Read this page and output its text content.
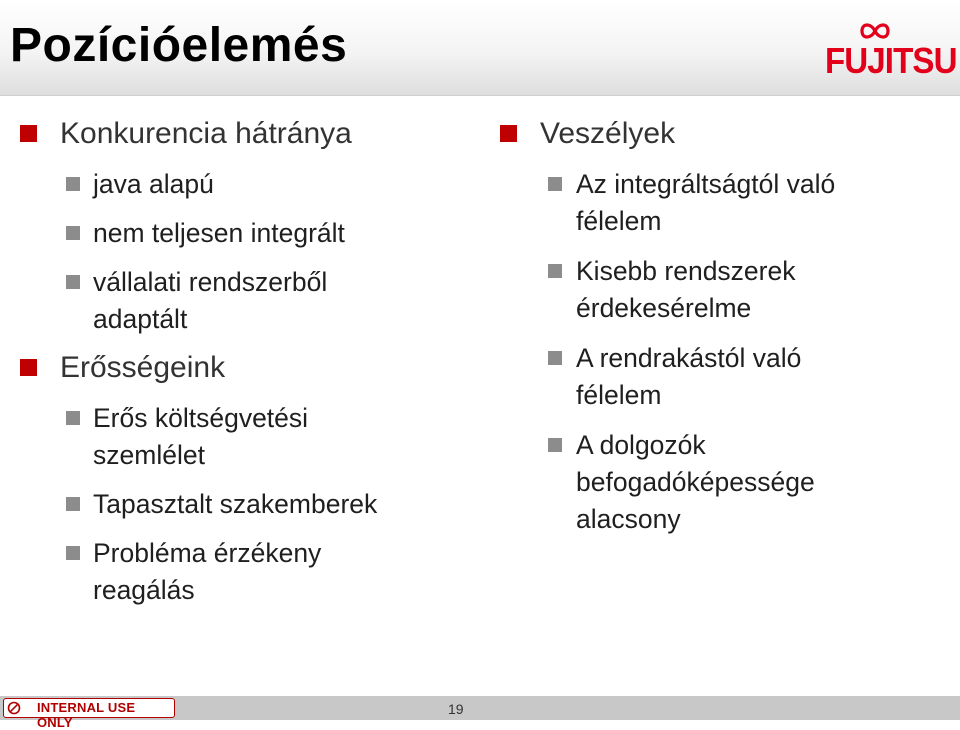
Pozícióelemés	FUJITSU
Konkurencia hátránya
java alapú
nem teljesen integrált
vállalati rendszerből adaptált
Erősségeink
Erős költségvetési szemlélet
Tapasztalt szakemberek
Probléma érzékeny reagálás
Veszélyek
Az integráltságtól való félelem
Kisebb rendszerek érdekesérelme
A rendrakástól való félelem
A dolgozók befogadóképessége alacsony
INTERNAL USE ONLY
19
